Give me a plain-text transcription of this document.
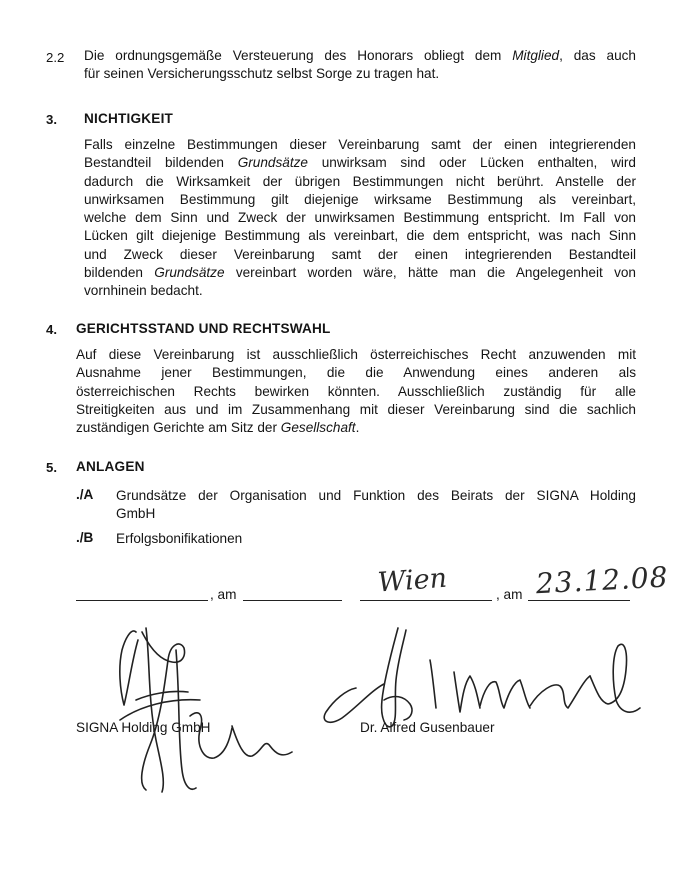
2.2 Die ordnungsgemäße Versteuerung des Honorars obliegt dem Mitglied, das auch
für seinen Versicherungsschutz selbst Sorge zu tragen hat.
3. NICHTIGKEIT
Falls einzelne Bestimmungen dieser Vereinbarung samt der einen integrierenden
Bestandteil bildenden Grundsätze unwirksam sind oder Lücken enthalten, wird
dadurch die Wirksamkeit der übrigen Bestimmungen nicht berührt. Anstelle der
unwirksamen Bestimmung gilt diejenige wirksame Bestimmung als vereinbart,
welche dem Sinn und Zweck der unwirksamen Bestimmung entspricht. Im Fall von
Lücken gilt diejenige Bestimmung als vereinbart, die dem entspricht, was nach Sinn
und Zweck dieser Vereinbarung samt der einen integrierenden Bestandteil
bildenden Grundsätze vereinbart worden wäre, hätte man die Angelegenheit von
vornhinein bedacht.
4. GERICHTSSTAND UND RECHTSWAHL
Auf diese Vereinbarung ist ausschließlich österreichisches Recht anzuwenden mit
Ausnahme jener Bestimmungen, die die Anwendung eines anderen als
österreichischen Rechts bewirken könnten. Ausschließlich zuständig für alle
Streitigkeiten aus und im Zusammenhang mit dieser Vereinbarung sind die sachlich
zuständigen Gerichte am Sitz der Gesellschaft.
5. ANLAGEN
./A Grundsätze der Organisation und Funktion des Beirats der SIGNA Holding
GmbH
./B Erfolgsbonifikationen
, am	, am
SIGNA Holding GmbH	Dr. Alfred Gusenbauer
Wien	23.12.08
